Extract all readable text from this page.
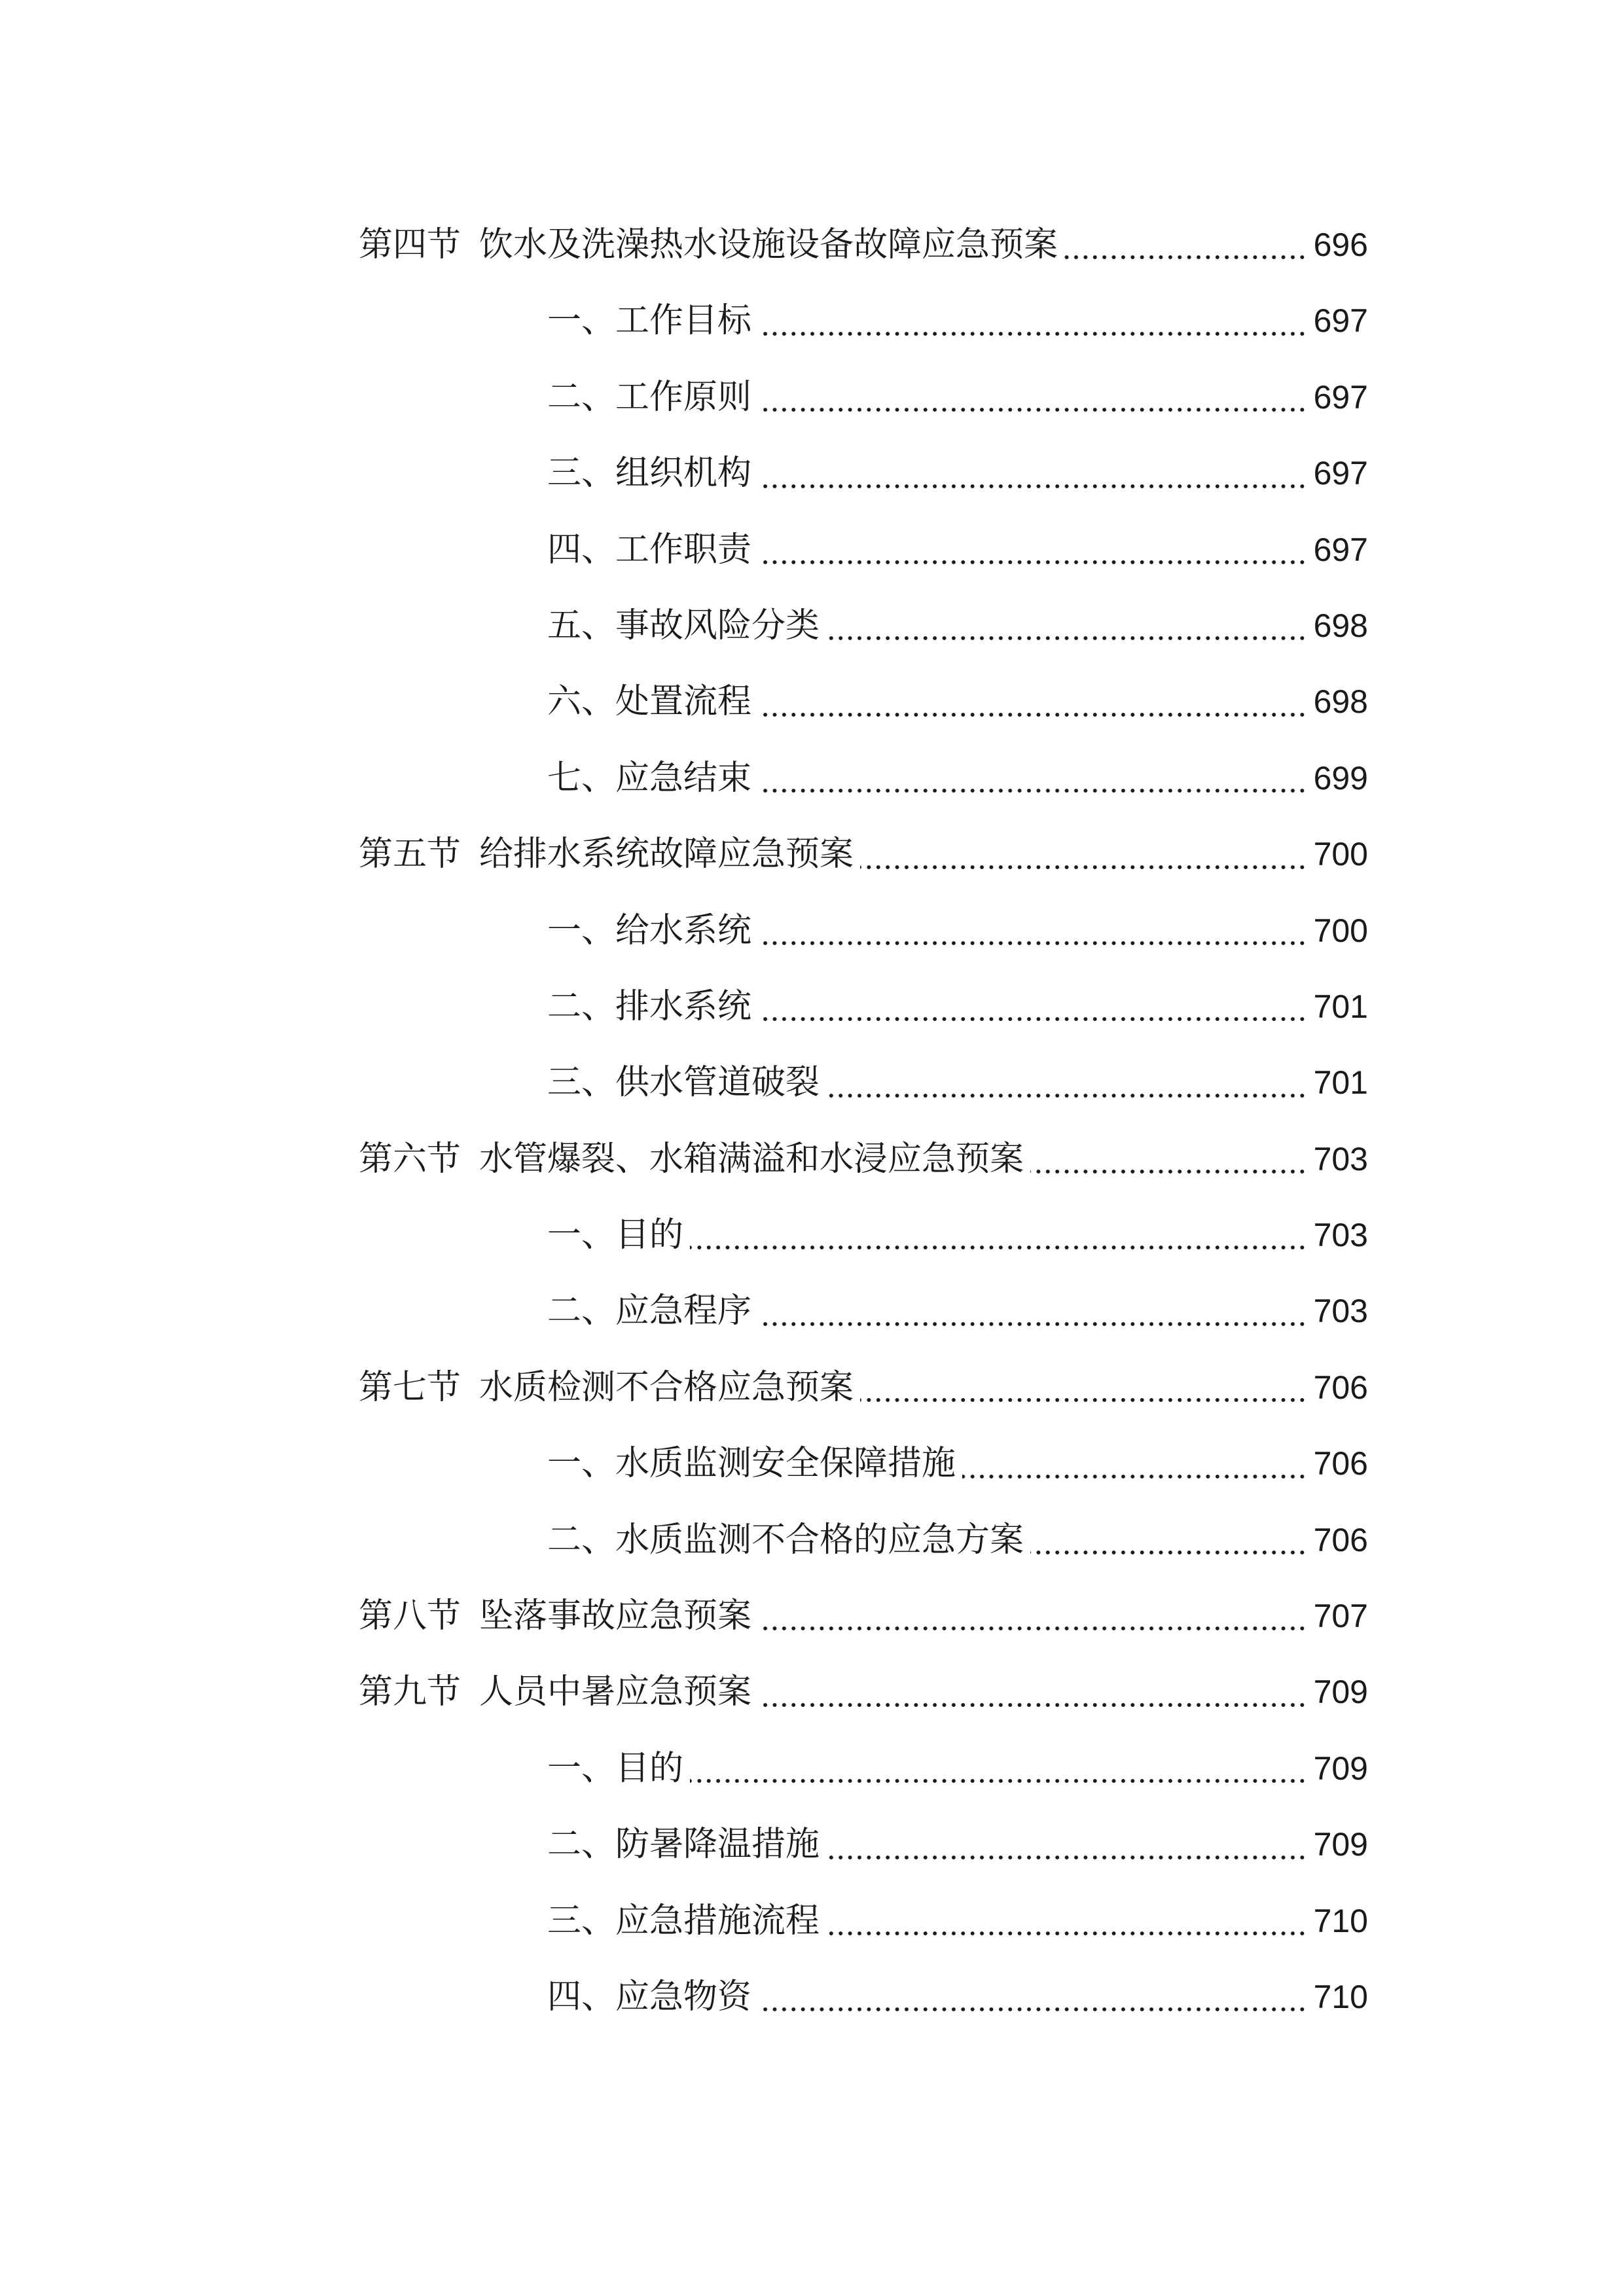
第四节 饮水及洗澡热水设施设备故障应急预案	696
一、工作目标	697
二、工作原则	697
三、组织机构	697
四、工作职责	697
五、事故风险分类	698
六、处置流程	698
七、应急结束	699
第五节 给排水系统故障应急预案	700
一、给水系统	700
二、排水系统	701
三、供水管道破裂	701
第六节 水管爆裂、水箱满溢和水浸应急预案	703
一、目的	703
二、应急程序	703
第七节 水质检测不合格应急预案	706
一、水质监测安全保障措施	706
二、水质监测不合格的应急方案	706
第八节 坠落事故应急预案	707
第九节 人员中暑应急预案	709
一、目的	709
二、防暑降温措施	709
三、应急措施流程	710
四、应急物资	710
